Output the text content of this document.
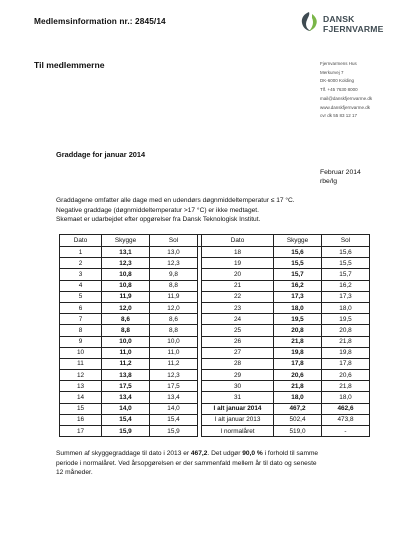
Medlemsinformation nr.: 2845/14	DANSK
FJERNVARME
Til medlemmerne	Fjernvarmens Hus
Merkurvej 7
DK-6000 Kolding
Tlf. +45 7630 8000
mail@danskfjernvarme.dk
www.danskfjernvarme.dk
cvr dk 55 83 12 17
Graddage for januar 2014
Februar 2014
rbe/lg
Graddagene omfatter alle dage med en udendørs døgnmiddeltemperatur ≤ 17 °C.
Negative graddage (døgnmiddeltemperatur >17 °C) er ikke medtaget.
Skemaet er udarbejdet efter opgørelser fra Dansk Teknologisk Institut.
Dato	Skygge	Sol		Dato	Skygge	Sol
1	13,1	13,0		18	15,6	15,6
2	12,3	12,3		19	15,5	15,5
3	10,8	9,8		20	15,7	15,7
4	10,8	8,8		21	16,2	16,2
5	11,9	11,9		22	17,3	17,3
6	12,0	12,0		23	18,0	18,0
7	8,6	8,6		24	19,5	19,5
8	8,8	8,8		25	20,8	20,8
9	10,0	10,0		26	21,8	21,8
10	11,0	11,0		27	19,8	19,8
11	11,2	11,2		28	17,8	17,8
12	13,8	12,3		29	20,6	20,6
13	17,5	17,5		30	21,8	21,8
14	13,4	13,4		31	18,0	18,0
15	14,0	14,0		I alt januar 2014	467,2	462,6
16	15,4	15,4		I alt januar 2013	502,4	473,8
17	15,9	15,9		I normalåret	519,0	-
Summen af skyggegraddage til dato i 2013 er 467,2. Det udgør 90,0 % i forhold til samme
periode i normalåret. Ved årsopgørelsen er der sammenfald mellem år til dato og seneste
12 måneder.
